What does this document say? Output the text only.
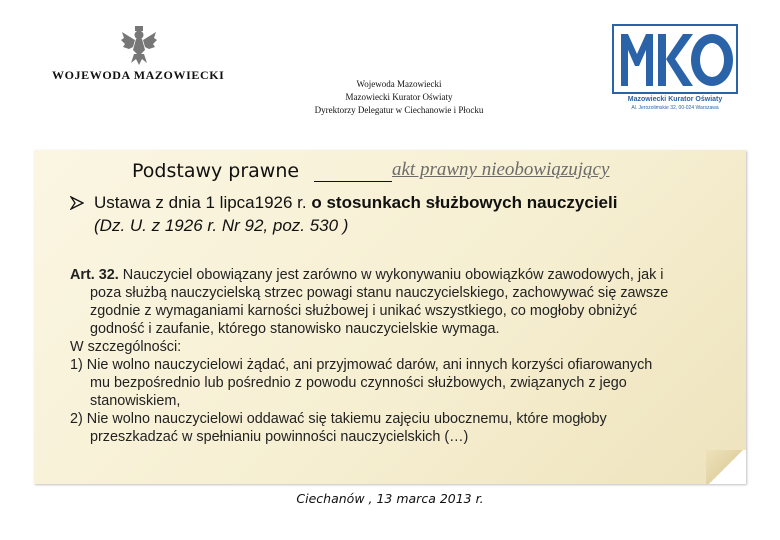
WOJEWODA MAZOWIECKI
Wojewoda Mazowiecki
Mazowiecki Kurator Oświaty
Dyrektorzy Delegatur w Ciechanowie i Płocku
Mazowiecki Kurator Oświaty
Al. Jerozolimskie 32, 00-024 Warszawa
Podstawy prawne	akt prawny nieobowiązujący
Ustawa z dnia 1 lipca1926 r. o stosunkach służbowych nauczycieli
(Dz. U. z 1926 r. Nr 92, poz. 530 )
Art. 32. Nauczyciel obowiązany jest zarówno w wykonywaniu obowiązków zawodowych, jak i
poza służbą nauczycielską strzec powagi stanu nauczycielskiego, zachowywać się zawsze
zgodnie z wymaganiami karności służbowej i unikać wszystkiego, co mogłoby obniżyć
godność i zaufanie, którego stanowisko nauczycielskie wymaga.
W szczególności:
1) Nie wolno nauczycielowi żądać, ani przyjmować darów, ani innych korzyści ofiarowanych
mu bezpośrednio lub pośrednio z powodu czynności służbowych, związanych z jego
stanowiskiem,
2) Nie wolno nauczycielowi oddawać się takiemu zajęciu ubocznemu, które mogłoby
przeszkadzać w spełnianiu powinności nauczycielskich (…)
Ciechanów , 13 marca 2013 r.
